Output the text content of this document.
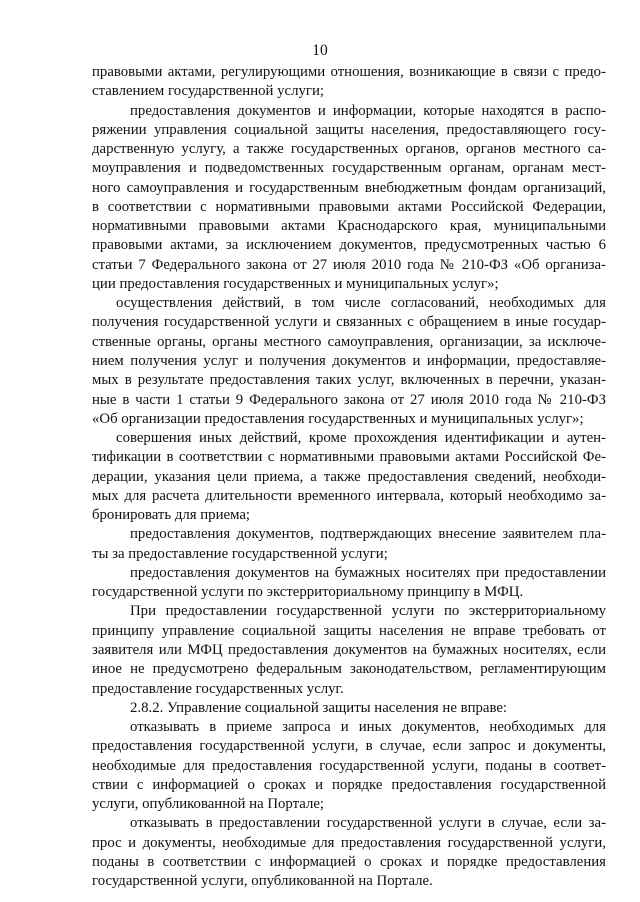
10
правовыми актами, регулирующими отношения, возникающие в связи с предо-
ставлением государственной услуги;
предоставления документов и информации, которые находятся в распо-
ряжении управления социальной защиты населения, предоставляющего госу-
дарственную услугу, а также государственных органов, органов местного са-
моуправления и подведомственных государственным органам, органам мест-
ного самоуправления и государственным внебюджетным фондам организаций,
в соответствии с нормативными правовыми актами Российской Федерации,
нормативными правовыми актами Краснодарского края, муниципальными
правовыми актами, за исключением документов, предусмотренных частью 6
статьи 7 Федерального закона от 27 июля 2010 года № 210-ФЗ «Об организа-
ции предоставления государственных и муниципальных услуг»;
осуществления действий, в том числе согласований, необходимых для
получения государственной услуги и связанных с обращением в иные государ-
ственные органы, органы местного самоуправления, организации, за исключе-
нием получения услуг и получения документов и информации, предоставляе-
мых в результате предоставления таких услуг, включенных в перечни, указан-
ные в части 1 статьи 9 Федерального закона от 27 июля 2010 года № 210-ФЗ
«Об организации предоставления государственных и муниципальных услуг»;
совершения иных действий, кроме прохождения идентификации и аутен-
тификации в соответствии с нормативными правовыми актами Российской Фе-
дерации, указания цели приема, а также предоставления сведений, необходи-
мых для расчета длительности временного интервала, который необходимо за-
бронировать для приема;
предоставления документов, подтверждающих внесение заявителем пла-
ты за предоставление государственной услуги;
предоставления документов на бумажных носителях при предоставлении
государственной услуги по экстерриториальному принципу в МФЦ.
При предоставлении государственной услуги по экстерриториальному
принципу управление социальной защиты населения не вправе требовать от
заявителя или МФЦ предоставления документов на бумажных носителях, если
иное не предусмотрено федеральным законодательством, регламентирующим
предоставление государственных услуг.
2.8.2. Управление социальной защиты населения не вправе:
отказывать в приеме запроса и иных документов, необходимых для
предоставления государственной услуги, в случае, если запрос и документы,
необходимые для предоставления государственной услуги, поданы в соответ-
ствии с информацией о сроках и порядке предоставления государственной
услуги, опубликованной на Портале;
отказывать в предоставлении государственной услуги в случае, если за-
прос и документы, необходимые для предоставления государственной услуги,
поданы в соответствии с информацией о сроках и порядке предоставления
государственной услуги, опубликованной на Портале.
